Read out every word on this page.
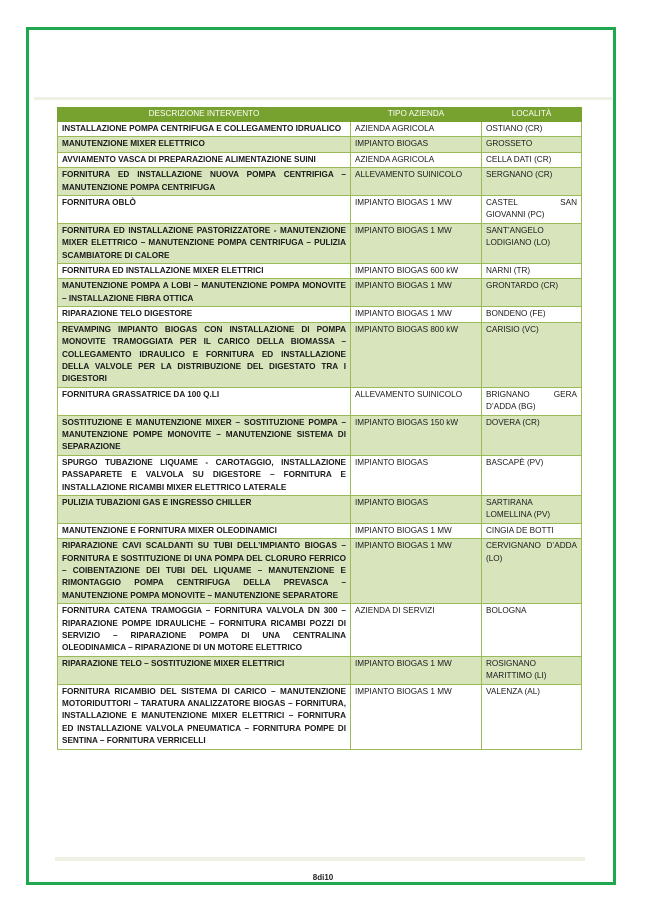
DESCRIZIONE INTERVENTO	TIPO AZIENDA	LOCALITÀ
INSTALLAZIONE POMPA CENTRIFUGA E COLLEGAMENTO IDRUALICO	AZIENDA AGRICOLA	OSTIANO (CR)
MANUTENZIONE MIXER ELETTRICO	IMPIANTO BIOGAS	GROSSETO
AVVIAMENTO VASCA DI PREPARAZIONE ALIMENTAZIONE SUINI	AZIENDA AGRICOLA	CELLA DATI (CR)
FORNITURA ED INSTALLAZIONE NUOVA POMPA CENTRIFIGA – MANUTENZIONE POMPA CENTRIFUGA	ALLEVAMENTO SUINICOLO	SERGNANO (CR)
FORNITURA OBLÒ	IMPIANTO BIOGAS 1 MW	CASTEL SAN GIOVANNI (PC)
FORNITURA ED INSTALLAZIONE PASTORIZZATORE - MANUTENZIONE MIXER ELETTRICO – MANUTENZIONE POMPA CENTRIFUGA – PULIZIA SCAMBIATORE DI CALORE	IMPIANTO BIOGAS 1 MW	SANT’ANGELO LODIGIANO (LO)
FORNITURA ED INSTALLAZIONE MIXER ELETTRICI	IMPIANTO BIOGAS 600 kW	NARNI (TR)
MANUTENZIONE POMPA A LOBI – MANUTENZIONE POMPA MONOVITE – INSTALLAZIONE FIBRA OTTICA	IMPIANTO BIOGAS 1 MW	GRONTARDO (CR)
RIPARAZIONE TELO DIGESTORE	IMPIANTO BIOGAS 1 MW	BONDENO (FE)
REVAMPING IMPIANTO BIOGAS CON INSTALLAZIONE DI POMPA MONOVITE TRAMOGGIATA PER IL CARICO DELLA BIOMASSA – COLLEGAMENTO IDRAULICO E FORNITURA ED INSTALLAZIONE DELLA VALVOLE PER LA DISTRIBUZIONE DEL DIGESTATO TRA I DIGESTORI	IMPIANTO BIOGAS 800 kW	CARISIO (VC)
FORNITURA GRASSATRICE DA 100 Q.LI	ALLEVAMENTO SUINICOLO	BRIGNANO GERA D’ADDA (BG)
SOSTITUZIONE E MANUTENZIONE MIXER – SOSTITUZIONE POMPA – MANUTENZIONE POMPE MONOVITE – MANUTENZIONE SISTEMA DI SEPARAZIONE	IMPIANTO BIOGAS 150 kW	DOVERA (CR)
SPURGO TUBAZIONE LIQUAME - CAROTAGGIO, INSTALLAZIONE PASSAPARETE E VALVOLA SU DIGESTORE – FORNITURA E INSTALLAZIONE RICAMBI MIXER ELETTRICO LATERALE	IMPIANTO BIOGAS	BASCAPÈ (PV)
PULIZIA TUBAZIONI GAS E INGRESSO CHILLER	IMPIANTO BIOGAS	SARTIRANA LOMELLINA (PV)
MANUTENZIONE E FORNITURA MIXER OLEODINAMICI	IMPIANTO BIOGAS 1 MW	CINGIA DE BOTTI
RIPARAZIONE CAVI SCALDANTI SU TUBI DELL’IMPIANTO BIOGAS – FORNITURA E SOSTITUZIONE DI UNA POMPA DEL CLORURO FERRICO – COIBENTAZIONE DEI TUBI DEL LIQUAME – MANUTENZIONE E RIMONTAGGIO POMPA CENTRIFUGA DELLA PREVASCA – MANUTENZIONE POMPA MONOVITE – MANUTENZIONE SEPARATORE	IMPIANTO BIOGAS 1 MW	CERVIGNANO D’ADDA (LO)
FORNITURA CATENA TRAMOGGIA – FORNITURA VALVOLA DN 300 – RIPARAZIONE POMPE IDRAULICHE – FORNITURA RICAMBI POZZI DI SERVIZIO – RIPARAZIONE POMPA DI UNA CENTRALINA OLEODINAMICA – RIPARAZIONE DI UN MOTORE ELETTRICO	AZIENDA DI SERVIZI	BOLOGNA
RIPARAZIONE TELO – SOSTITUZIONE MIXER ELETTRICI	IMPIANTO BIOGAS 1 MW	ROSIGNANO MARITTIMO (LI)
FORNITURA RICAMBIO DEL SISTEMA DI CARICO – MANUTENZIONE MOTORIDUTTORI – TARATURA ANALIZZATORE BIOGAS – FORNITURA, INSTALLAZIONE E MANUTENZIONE MIXER ELETTRICI – FORNITURA ED INSTALLAZIONE VALVOLA PNEUMATICA – FORNITURA POMPE DI SENTINA – FORNITURA VERRICELLI	IMPIANTO BIOGAS 1 MW	VALENZA (AL)
8di10
